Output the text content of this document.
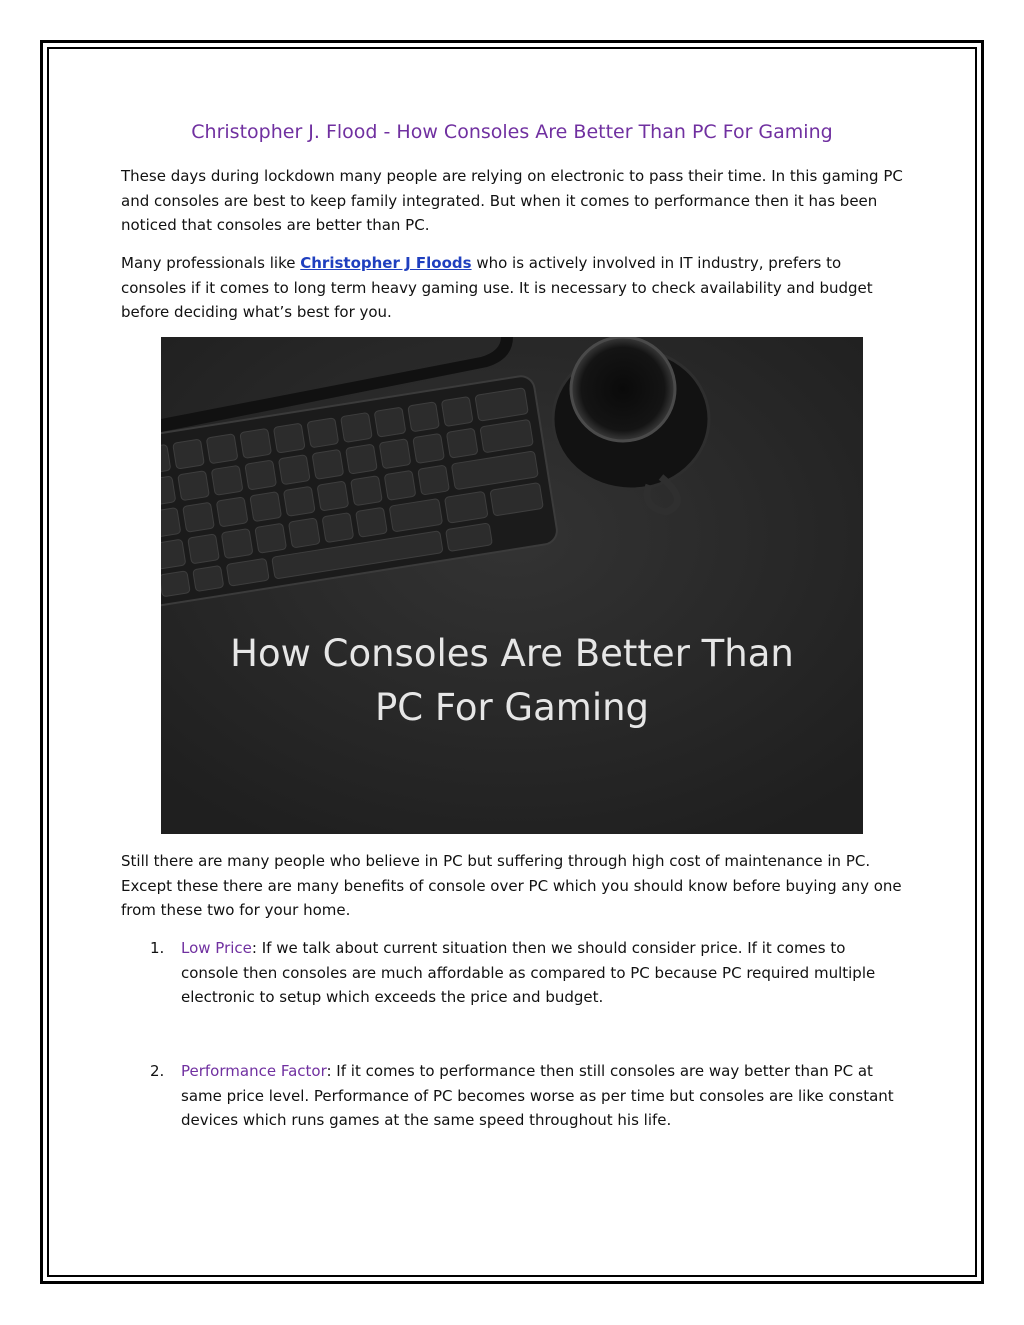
Christopher J. Flood - How Consoles Are Better Than PC For Gaming

These days during lockdown many people are relying on electronic to pass their time. In this gaming PC and consoles are best to keep family integrated. But when it comes to performance then it has been noticed that consoles are better than PC.

Many professionals like Christopher J Floods who is actively involved in IT industry, prefers to consoles if it comes to long term heavy gaming use. It is necessary to check availability and budget before deciding what’s best for you.

How Consoles Are Better Than
PC For Gaming

Still there are many people who believe in PC but suffering through high cost of maintenance in PC. Except these there are many benefits of console over PC which you should know before buying any one from these two for your home.

1.	Low Price: If we talk about current situation then we should consider price. If it comes to console then consoles are much affordable as compared to PC because PC required multiple electronic to setup which exceeds the price and budget.
2.	Performance Factor: If it comes to performance then still consoles are way better than PC at same price level. Performance of PC becomes worse as per time but consoles are like constant devices which runs games at the same speed throughout his life.
